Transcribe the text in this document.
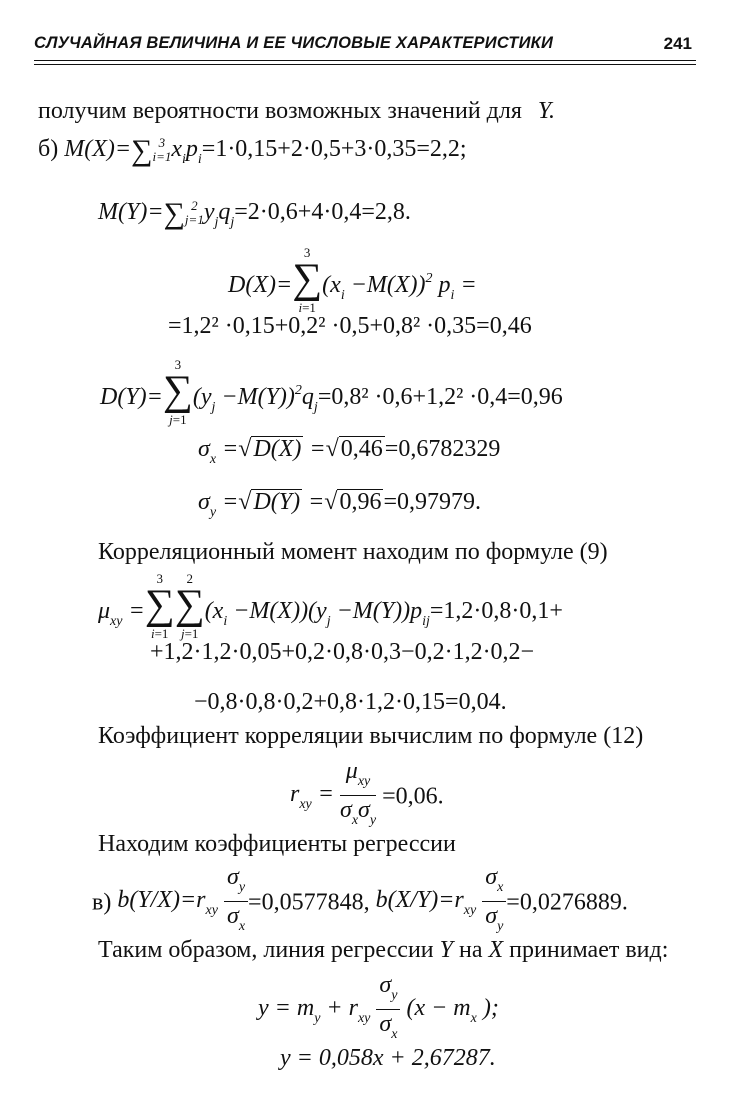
СЛУЧАЙНАЯ ВЕЛИЧИНА И ЕЕ ЧИСЛОВЫЕ ХАРАКТЕРИСТИКИ	241
получим вероятности возможных значений для Y.
б) M(X)=∑ 3
i=1 $x_ip_i=1\cdot 0,15+2\cdot 0,5+3\cdot 0,35=2,2$;
M(Y)=∑ 2
j=1 $y_jq_j=2\cdot 0,6+4\cdot 0,4=2,8$.
D(X)=
3
∑
i=1
$(x_i -M(X))^2$ $p_i$ =
=1,2² ·0,15+0,2² ·0,5+0,8² ·0,35=0,46
D(Y)=
3
∑
j=1
$(y_j -M(Y))^2q_j=0,8^2 \cdot 0,6+1,2^2 \cdot 0,4=0,96$
$\sigma_x =√D(X) =√0,46=0,6782329$
$\sigma_y =√D(Y) =√0,96=0,97979$.
Корреляционный момент находим по формуле (9)
$\mu_{xy}$ =
3
∑
i=1
2
∑
j=1
$(x_i -M(X))(y_j -M(Y))p_{ij}=1,2\cdot 0,8\cdot 0,1+$
+1,2·1,2·0,05+0,2·0,8·0,3−0,2·1,2·0,2−
−0,8·0,8·0,2+0,8·1,2·0,15=0,04.
Коэффициент корреляции вычислим по формуле (12)
$r_{xy} = \frac{\mu_{xy}}{\sigma_x\sigma_y} =0,06$.
Находим коэффициенты регрессии
в) $b(Y/X)=r_{xy} \frac{\sigma_y}{\sigma_x} =0,0577848$, $b(X/Y)=r_{xy} \frac{\sigma_x}{\sigma_y} =0,0276889$.
Таким образом, линия регрессии Y на X принимает вид:
$y = m_y + r_{xy} \frac{\sigma_y}{\sigma_x} (x - m_x$ );
y = 0,058x + 2,67287.
